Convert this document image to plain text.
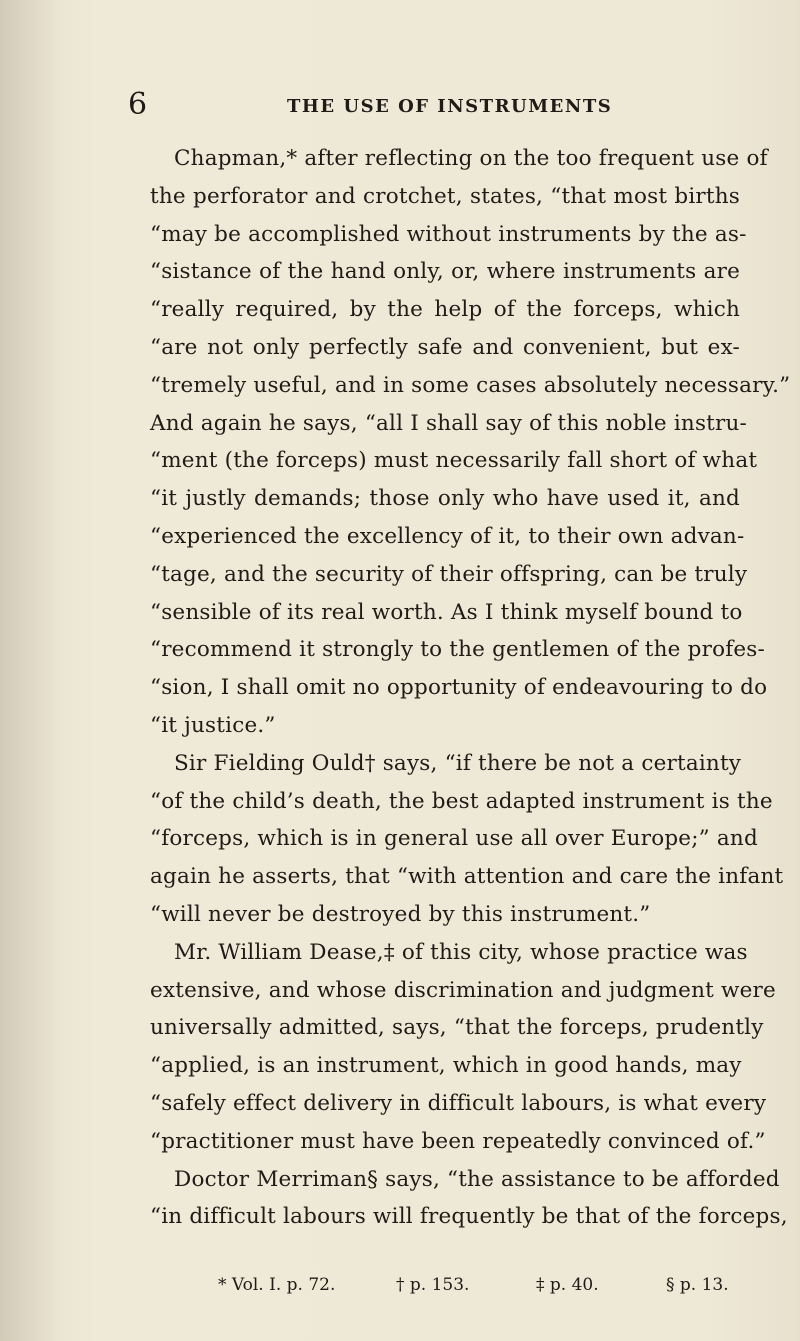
6	THE USE OF INSTRUMENTS

Chapman,* after reflecting on the too frequent use of

the perforator and crotchet, states, “that most births

“may be accomplished without instruments by the as-

“sistance of the hand only, or, where instruments are

“really required, by the help of the forceps, which

“are not only perfectly safe and convenient, but ex-

“tremely useful, and in some cases absolutely necessary.”

And again he says, “all I shall say of this noble instru-

“ment (the forceps) must necessarily fall short of what

“it justly demands; those only who have used it, and

“experienced the excellency of it, to their own advan-

“tage, and the security of their offspring, can be truly

“sensible of its real worth. As I think myself bound to

“recommend it strongly to the gentlemen of the profes-

“sion, I shall omit no opportunity of endeavouring to do

“it justice.”

Sir Fielding Ould† says, “if there be not a certainty

“of the child’s death, the best adapted instrument is the

“forceps, which is in general use all over Europe;” and

again he asserts, that “with attention and care the infant

“will never be destroyed by this instrument.”

Mr. William Dease,‡ of this city, whose practice was

extensive, and whose discrimination and judgment were

universally admitted, says, “that the forceps, prudently

“applied, is an instrument, which in good hands, may

“safely effect delivery in difficult labours, is what every

“practitioner must have been repeatedly convinced of.”

Doctor Merriman§ says, “the assistance to be afforded

“in difficult labours will frequently be that of the forceps,

* Vol. I. p. 72.	† p. 153.	‡ p. 40.	§ p. 13.
